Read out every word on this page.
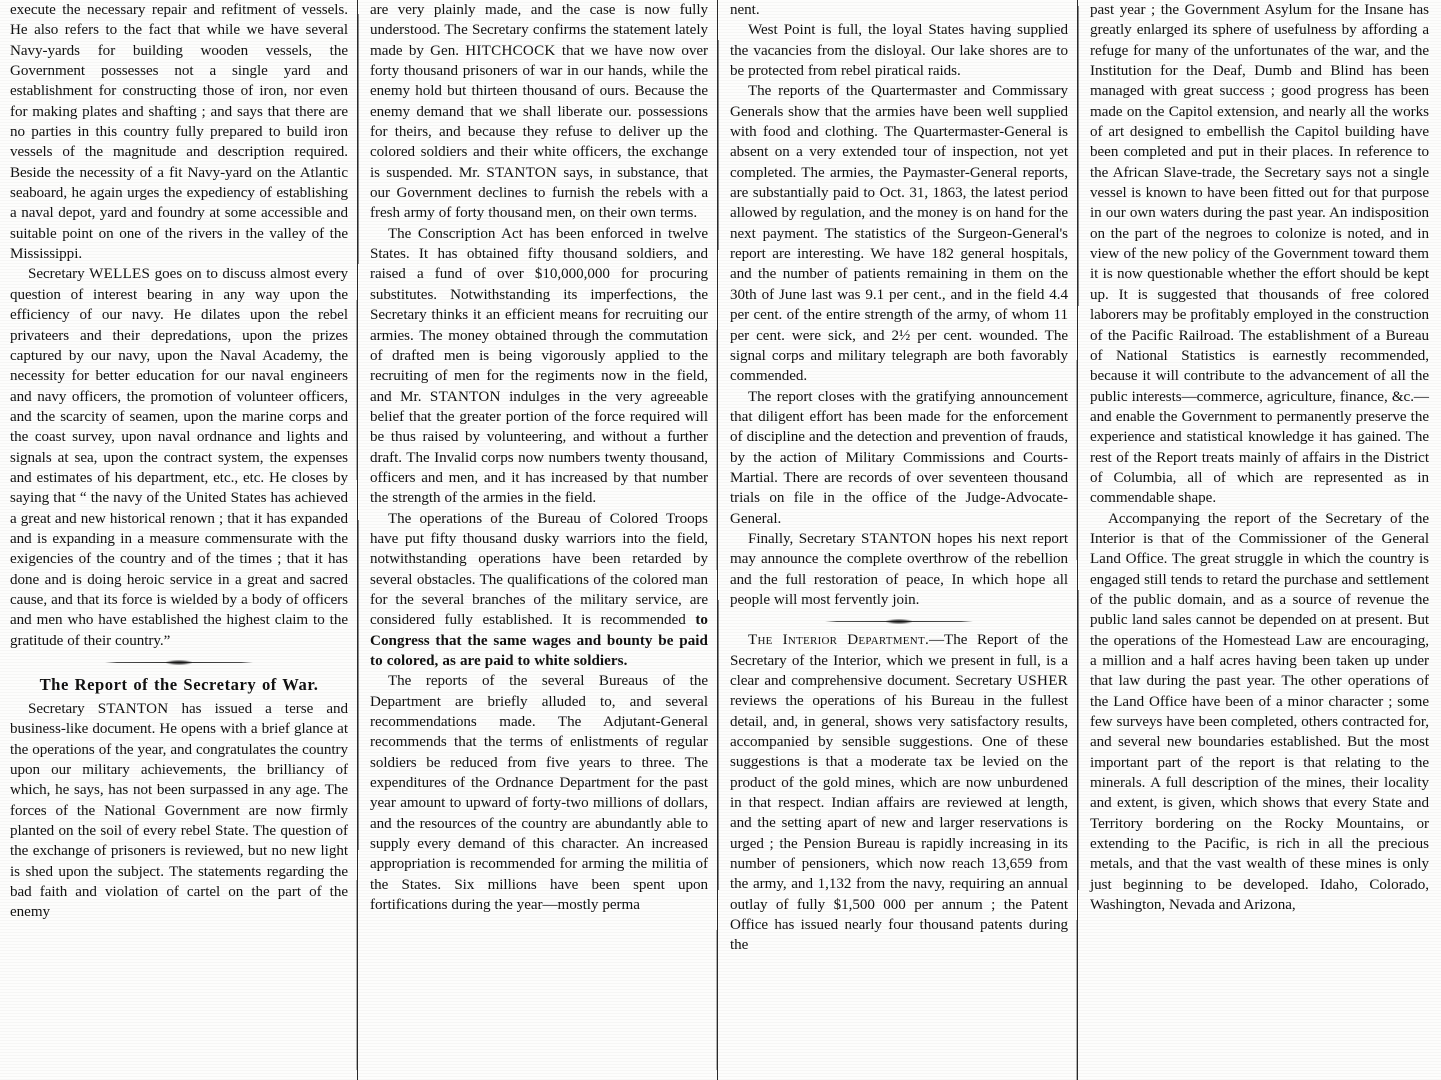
execute the necessary repair and refitment of vessels. He also refers to the fact that while we have several Navy-yards for building wooden vessels, the Government possesses not a single yard and establishment for constructing those of iron, nor even for making plates and shafting ; and says that there are no parties in this country fully prepared to build iron vessels of the magnitude and description required. Beside the necessity of a fit Navy-yard on the Atlantic seaboard, he again urges the expediency of establishing a naval depot, yard and foundry at some accessible and suitable point on one of the rivers in the valley of the Mississippi.

Secretary WELLES goes on to discuss almost every question of interest bearing in any way upon the efficiency of our navy. He dilates upon the rebel privateers and their depredations, upon the prizes captured by our navy, upon the Naval Academy, the necessity for better education for our naval engineers and navy officers, the promotion of volunteer officers, and the scarcity of seamen, upon the marine corps and the coast survey, upon naval ordnance and lights and signals at sea, upon the contract system, the expenses and estimates of his department, etc., etc. He closes by saying that “ the navy of the United States has achieved a great and new historical renown ; that it has expanded and is expanding in a measure commensurate with the exigencies of the country and of the times ; that it has done and is doing heroic service in a great and sacred cause, and that its force is wielded by a body of officers and men who have established the highest claim to the gratitude of their country.”

The Report of the Secretary of War.

Secretary STANTON has issued a terse and business-like document. He opens with a brief glance at the operations of the year, and congratulates the country upon our military achievements, the brilliancy of which, he says, has not been surpassed in any age. The forces of the National Government are now firmly planted on the soil of every rebel State. The question of the exchange of prisoners is reviewed, but no new light is shed upon the subject. The statements regarding the bad faith and violation of cartel on the part of the enemy

are very plainly made, and the case is now fully understood. The Secretary confirms the statement lately made by Gen. HITCHCOCK that we have now over forty thousand prisoners of war in our hands, while the enemy hold but thirteen thousand of ours. Because the enemy demand that we shall liberate our. possessions for theirs, and because they refuse to deliver up the colored soldiers and their white officers, the exchange is suspended. Mr. STANTON says, in substance, that our Government declines to furnish the rebels with a fresh army of forty thousand men, on their own terms.

The Conscription Act has been enforced in twelve States. It has obtained fifty thousand soldiers, and raised a fund of over $10,000,000 for procuring substitutes. Notwithstanding its imperfections, the Secretary thinks it an efficient means for recruiting our armies. The money obtained through the commutation of drafted men is being vigorously applied to the recruiting of men for the regiments now in the field, and Mr. STANTON indulges in the very agreeable belief that the greater portion of the force required will be thus raised by volunteering, and without a further draft. The Invalid corps now numbers twenty thousand, officers and men, and it has increased by that number the strength of the armies in the field.

The operations of the Bureau of Colored Troops have put fifty thousand dusky warriors into the field, notwithstanding operations have been retarded by several obstacles. The qualifications of the colored man for the several branches of the military service, are considered fully established. It is recommended to Congress that the same wages and bounty be paid to colored, as are paid to white soldiers.

The reports of the several Bureaus of the Department are briefly alluded to, and several recommendations made. The Adjutant-General recommends that the terms of enlistments of regular soldiers be reduced from five years to three. The expenditures of the Ordnance Department for the past year amount to upward of forty-two millions of dollars, and the resources of the country are abundantly able to supply every demand of this character. An increased appropriation is recommended for arming the militia of the States. Six millions have been spent upon fortifications during the year—mostly perma

nent.

West Point is full, the loyal States having supplied the vacancies from the disloyal. Our lake shores are to be protected from rebel piratical raids.

The reports of the Quartermaster and Commissary Generals show that the armies have been well supplied with food and clothing. The Quartermaster-General is absent on a very extended tour of inspection, not yet completed. The armies, the Paymaster-General reports, are substantially paid to Oct. 31, 1863, the latest period allowed by regulation, and the money is on hand for the next payment. The statistics of the Surgeon-General's report are interesting. We have 182 general hospitals, and the number of patients remaining in them on the 30th of June last was 9.1 per cent., and in the field 4.4 per cent. of the entire strength of the army, of whom 11 per cent. were sick, and 2½ per cent. wounded. The signal corps and military telegraph are both favorably commended.

The report closes with the gratifying announcement that diligent effort has been made for the enforcement of discipline and the detection and prevention of frauds, by the action of Military Commissions and Courts-Martial. There are records of over seventeen thousand trials on file in the office of the Judge-Advocate-General.

Finally, Secretary STANTON hopes his next report may announce the complete overthrow of the rebellion and the full restoration of peace, In which hope all people will most fervently join.

The Interior Department.—The Report of the Secretary of the Interior, which we present in full, is a clear and comprehensive document. Secretary USHER reviews the operations of his Bureau in the fullest detail, and, in general, shows very satisfactory results, accompanied by sensible suggestions. One of these suggestions is that a moderate tax be levied on the product of the gold mines, which are now unburdened in that respect. Indian affairs are reviewed at length, and the setting apart of new and larger reservations is urged ; the Pension Bureau is rapidly increasing in its number of pensioners, which now reach 13,659 from the army, and 1,132 from the navy, requiring an annual outlay of fully $1,500 000 per annum ; the Patent Office has issued nearly four thousand patents during the

past year ; the Government Asylum for the Insane has greatly enlarged its sphere of usefulness by affording a refuge for many of the unfortunates of the war, and the Institution for the Deaf, Dumb and Blind has been managed with great success ; good progress has been made on the Capitol extension, and nearly all the works of art designed to embellish the Capitol building have been completed and put in their places. In reference to the African Slave-trade, the Secretary says not a single vessel is known to have been fitted out for that purpose in our own waters during the past year. An indisposition on the part of the negroes to colonize is noted, and in view of the new policy of the Government toward them it is now questionable whether the effort should be kept up. It is suggested that thousands of free colored laborers may be profitably employed in the construction of the Pacific Railroad. The establishment of a Bureau of National Statistics is earnestly recommended, because it will contribute to the advancement of all the public interests—commerce, agriculture, finance, &c.—and enable the Government to permanently preserve the experience and statistical knowledge it has gained. The rest of the Report treats mainly of affairs in the District of Columbia, all of which are represented as in commendable shape.

Accompanying the report of the Secretary of the Interior is that of the Commissioner of the General Land Office. The great struggle in which the country is engaged still tends to retard the purchase and settlement of the public domain, and as a source of revenue the public land sales cannot be depended on at present. But the operations of the Homestead Law are encouraging, a million and a half acres having been taken up under that law during the past year. The other operations of the Land Office have been of a minor character ; some few surveys have been completed, others contracted for, and several new boundaries established. But the most important part of the report is that relating to the minerals. A full description of the mines, their locality and extent, is given, which shows that every State and Territory bordering on the Rocky Mountains, or extending to the Pacific, is rich in all the precious metals, and that the vast wealth of these mines is only just beginning to be developed. Idaho, Colorado, Washington, Nevada and Arizona,
